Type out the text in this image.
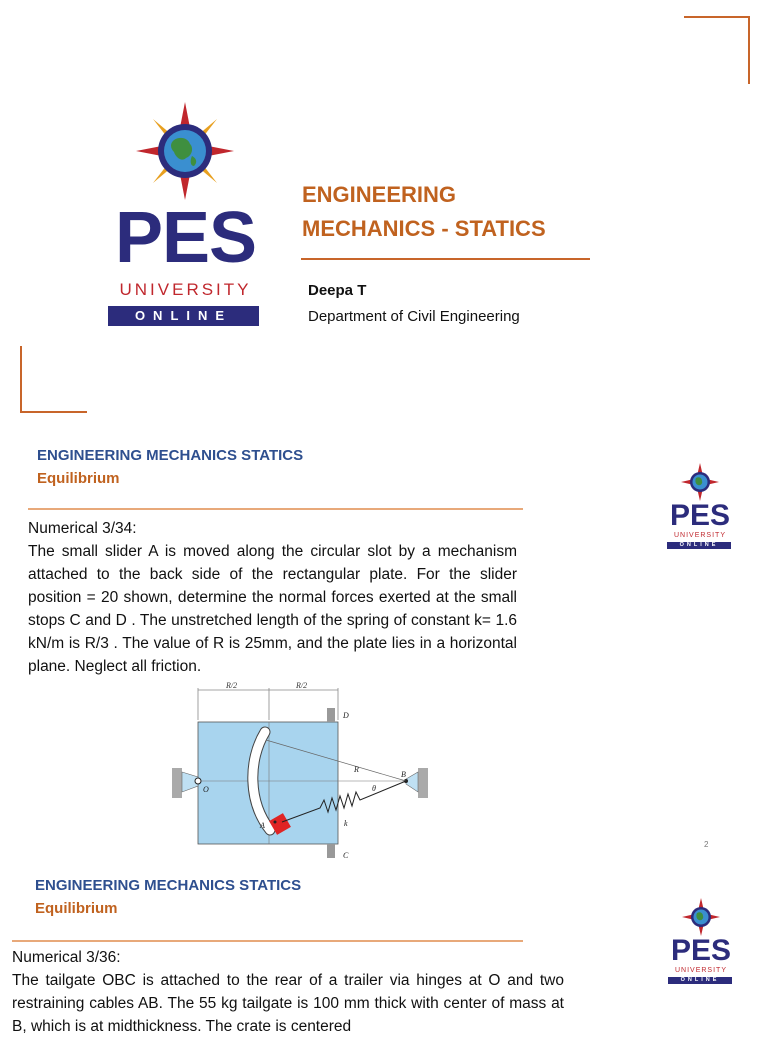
PES
UNIVERSITY
ONLINE
ENGINEERING
MECHANICS - STATICS
Deepa T
Department of Civil Engineering
ENGINEERING MECHANICS STATICS
Equilibrium
PES
UNIVERSITY
ONLINE

Numerical 3/34:

The small slider A is moved along the circular slot by a mechanism attached to the back side of the rectangular plate. For the slider position = 20 shown, determine the normal forces exerted at the small stops C and D . The unstretched length of the spring of constant k= 1.6 kN/m is R/3 . The value of R is 25mm, and the plate lies in a horizontal plane. Neglect all friction.

R/2	R/2
D
C
O
B
A
R
θ
k
2
ENGINEERING MECHANICS STATICS
Equilibrium
PES
UNIVERSITY
ONLINE

Numerical 3/36:

The tailgate OBC is attached to the rear of a trailer via hinges at O and two restraining cables AB. The 55 kg tailgate is 100 mm thick with center of mass at B, which is at midthickness. The crate is centered
